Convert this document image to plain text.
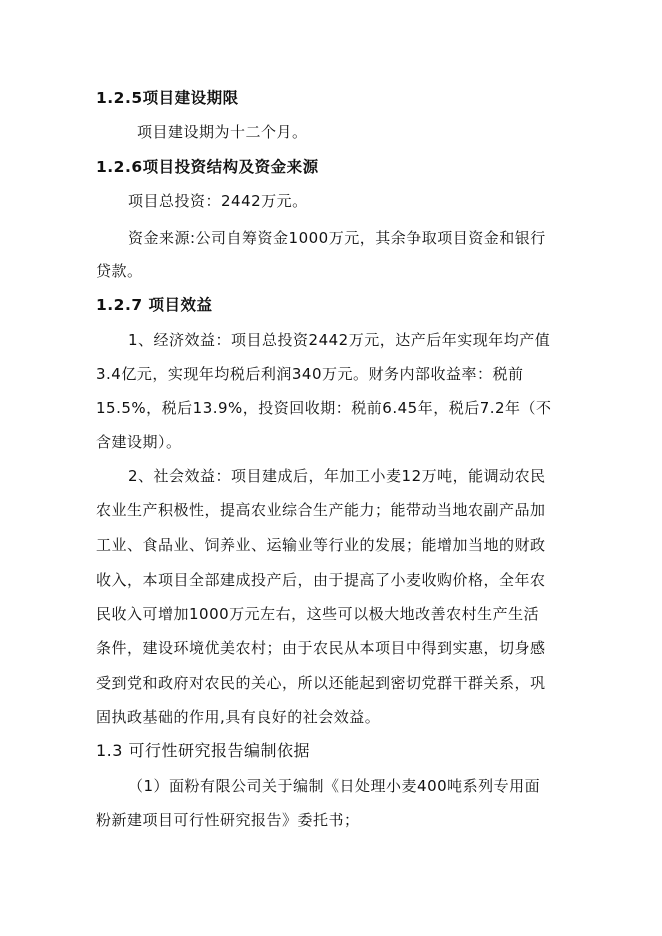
1.2.5项目建设期限
项目建设期为十二个月。
1.2.6项目投资结构及资金来源
项目总投资：2442万元。
资金来源:公司自筹资金1000万元，其余争取项目资金和银行
贷款。
1.2.7 项目效益
1、经济效益：项目总投资2442万元，达产后年实现年均产值
3.4亿元，实现年均税后利润340万元。财务内部收益率：税前
15.5%，税后13.9%，投资回收期：税前6.45年，税后7.2年（不
含建设期）。
2、社会效益：项目建成后，年加工小麦12万吨，能调动农民
农业生产积极性，提高农业综合生产能力；能带动当地农副产品加
工业、食品业、饲养业、运输业等行业的发展；能增加当地的财政
收入，本项目全部建成投产后，由于提高了小麦收购价格，全年农
民收入可增加1000万元左右，这些可以极大地改善农村生产生活
条件，建设环境优美农村；由于农民从本项目中得到实惠，切身感
受到党和政府对农民的关心，所以还能起到密切党群干群关系，巩
固执政基础的作用,具有良好的社会效益。
1.3 可行性研究报告编制依据
（1）面粉有限公司关于编制《日处理小麦400吨系列专用面
粉新建项目可行性研究报告》委托书；
